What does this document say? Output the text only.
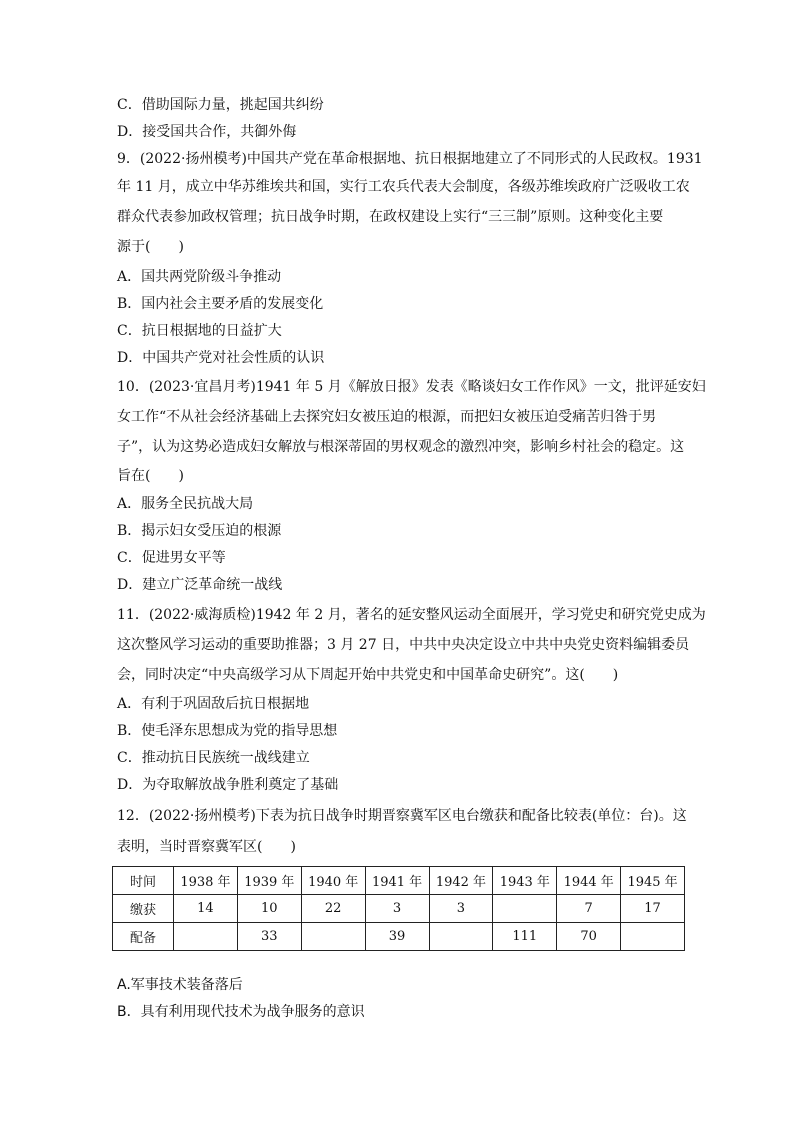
C．借助国际力量，挑起国共纠纷
D．接受国共合作，共御外侮
9．(2022·扬州模考)中国共产党在革命根据地、抗日根据地建立了不同形式的人民政权。1931
年 11 月，成立中华苏维埃共和国，实行工农兵代表大会制度，各级苏维埃政府广泛吸收工农
群众代表参加政权管理；抗日战争时期，在政权建设上实行“三三制”原则。这种变化主要
源于(　　)
A．国共两党阶级斗争推动
B．国内社会主要矛盾的发展变化
C．抗日根据地的日益扩大
D．中国共产党对社会性质的认识
10．(2023·宜昌月考)1941 年 5 月《解放日报》发表《略谈妇女工作作风》一文，批评延安妇
女工作“不从社会经济基础上去探究妇女被压迫的根源，而把妇女被压迫受痛苦归咎于男
子”，认为这势必造成妇女解放与根深蒂固的男权观念的激烈冲突，影响乡村社会的稳定。这
旨在(　　)
A．服务全民抗战大局
B．揭示妇女受压迫的根源
C．促进男女平等
D．建立广泛革命统一战线
11．(2022·威海质检)1942 年 2 月，著名的延安整风运动全面展开，学习党史和研究党史成为
这次整风学习运动的重要助推器；3 月 27 日，中共中央决定设立中共中央党史资料编辑委员
会，同时决定“中央高级学习从下周起开始中共党史和中国革命史研究”。这(　　)
A．有利于巩固敌后抗日根据地
B．使毛泽东思想成为党的指导思想
C．推动抗日民族统一战线建立
D．为夺取解放战争胜利奠定了基础
12．(2022·扬州模考)下表为抗日战争时期晋察冀军区电台缴获和配备比较表(单位：台)。这
表明，当时晋察冀军区(　　)
时间	1938 年	1939 年	1940 年	1941 年	1942 年	1943 年	1944 年	1945 年
缴获	14	10	22	3	3		7	17
配备		33		39		111	70	
A.军事技术装备落后
B．具有利用现代技术为战争服务的意识
